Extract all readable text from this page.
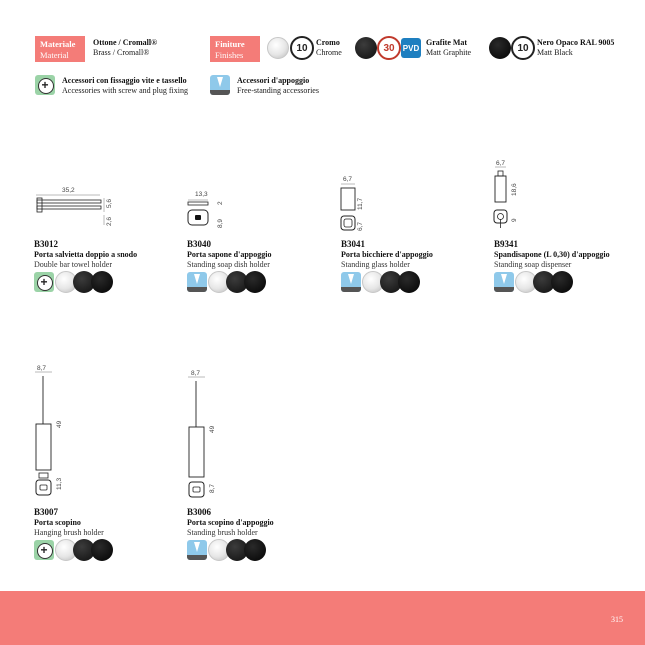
Materiale
Material
Ottone / Cromall®
Brass / Cromall®
Finiture
Finishes
10	Cromo
Chrome	30	PVD
Grafite Mat
Matt Graphite	10	Nero Opaco RAL 9005
Matt Black
+
Accessori con fissaggio vite e tassello
Accessories with screw and plug fixing
Accessori d'appoggio
Free-standing accessories
35,2
5,6
2,6
B3012
Porta salvietta doppio a snodo
Double bar towel holder
+
13,3
2
8,9
B3040
Porta sapone d'appoggio
Standing soap dish holder
6,7
11,7
6,7
B3041
Porta bicchiere d'appoggio
Standing glass holder
6,7
18,6
9
B9341
Spandisapone (L 0,30) d'appoggio
Standing soap dispenser
8,7
49
11,3
B3007
Porta scopino
Hanging brush holder
+
8,7
49
8,7
B3006
Porta scopino d'appoggio
Standing brush holder
315
